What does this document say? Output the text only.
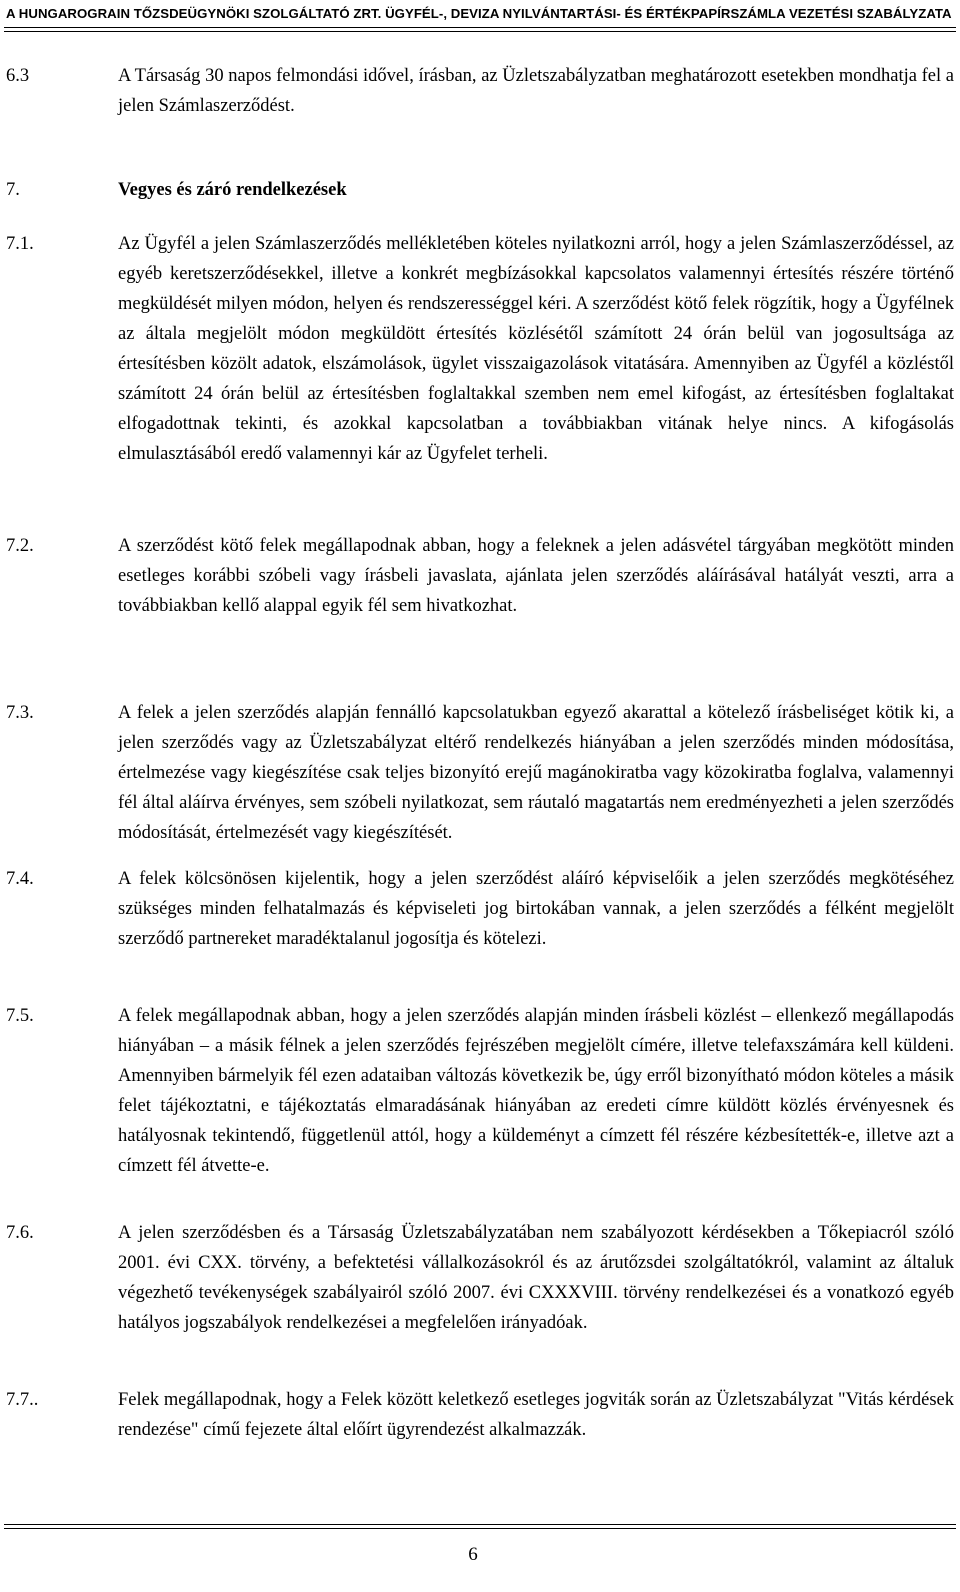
A HUNGAROGRAIN TŐZSDEÜGYNÖKI SZOLGÁLTATÓ ZRT. ÜGYFÉL-, DEVIZA NYILVÁNTARTÁSI- ÉS ÉRTÉKPAPÍRSZÁMLA VEZETÉSI SZABÁLYZATA
6.3	A Társaság 30 napos felmondási idővel, írásban, az Üzletszabályzatban meghatározott esetekben mondhatja fel a jelen Számlaszerződést.
7.	Vegyes és záró rendelkezések
7.1.	Az Ügyfél a jelen Számlaszerződés mellékletében köteles nyilatkozni arról, hogy a jelen Számlaszerződéssel, az egyéb keretszerződésekkel, illetve a konkrét megbízásokkal kapcsolatos valamennyi értesítés részére történő megküldését milyen módon, helyen és rendszerességgel kéri. A szerződést kötő felek rögzítik, hogy a Ügyfélnek az általa megjelölt módon megküldött értesítés közlésétől számított 24 órán belül van jogosultsága az értesítésben közölt adatok, elszámolások, ügylet visszaigazolások vitatására. Amennyiben az Ügyfél a közléstől számított 24 órán belül az értesítésben foglaltakkal szemben nem emel kifogást, az értesítésben foglaltakat elfogadottnak tekinti, és azokkal kapcsolatban a továbbiakban vitának helye nincs. A kifogásolás elmulasztásából eredő valamennyi kár az Ügyfelet terheli.
7.2.	A szerződést kötő felek megállapodnak abban, hogy a feleknek a jelen adásvétel tárgyában megkötött minden esetleges korábbi szóbeli vagy írásbeli javaslata, ajánlata jelen szerződés aláírásával hatályát veszti, arra a továbbiakban kellő alappal egyik fél sem hivatkozhat.
7.3.	A felek a jelen szerződés alapján fennálló kapcsolatukban egyező akarattal a kötelező írásbeliséget kötik ki, a jelen szerződés vagy az Üzletszabályzat eltérő rendelkezés hiányában a jelen szerződés minden módosítása, értelmezése vagy kiegészítése csak teljes bizonyító erejű magánokiratba vagy közokiratba foglalva, valamennyi fél által aláírva érvényes, sem szóbeli nyilatkozat, sem ráutaló magatartás nem eredményezheti a jelen szerződés módosítását, értelmezését vagy kiegészítését.
7.4.	A felek kölcsönösen kijelentik, hogy a jelen szerződést aláíró képviselőik a jelen szerződés megkötéséhez szükséges minden felhatalmazás és képviseleti jog birtokában vannak, a jelen szerződés a félként megjelölt szerződő partnereket maradéktalanul jogosítja és kötelezi.
7.5.	A felek megállapodnak abban, hogy a jelen szerződés alapján minden írásbeli közlést – ellenkező megállapodás hiányában – a másik félnek a jelen szerződés fejrészében megjelölt címére, illetve telefaxszámára kell küldeni. Amennyiben bármelyik fél ezen adataiban változás következik be, úgy erről bizonyítható módon köteles a másik felet tájékoztatni, e tájékoztatás elmaradásának hiányában az eredeti címre küldött közlés érvényesnek és hatályosnak tekintendő, függetlenül attól, hogy a küldeményt a címzett fél részére kézbesítették-e, illetve azt a címzett fél átvette-e.
7.6.	A jelen szerződésben és a Társaság Üzletszabályzatában nem szabályozott kérdésekben a Tőkepiacról szóló 2001. évi CXX. törvény, a befektetési vállalkozásokról és az árutőzsdei szolgáltatókról, valamint az általuk végezhető tevékenységek szabályairól szóló 2007. évi CXXXVIII. törvény rendelkezései és a vonatkozó egyéb hatályos jogszabályok rendelkezései a megfelelően irányadóak.
7.7..	Felek megállapodnak, hogy a Felek között keletkező esetleges jogviták során az Üzletszabályzat "Vitás kérdések rendezése" című fejezete által előírt ügyrendezést alkalmazzák.
6
